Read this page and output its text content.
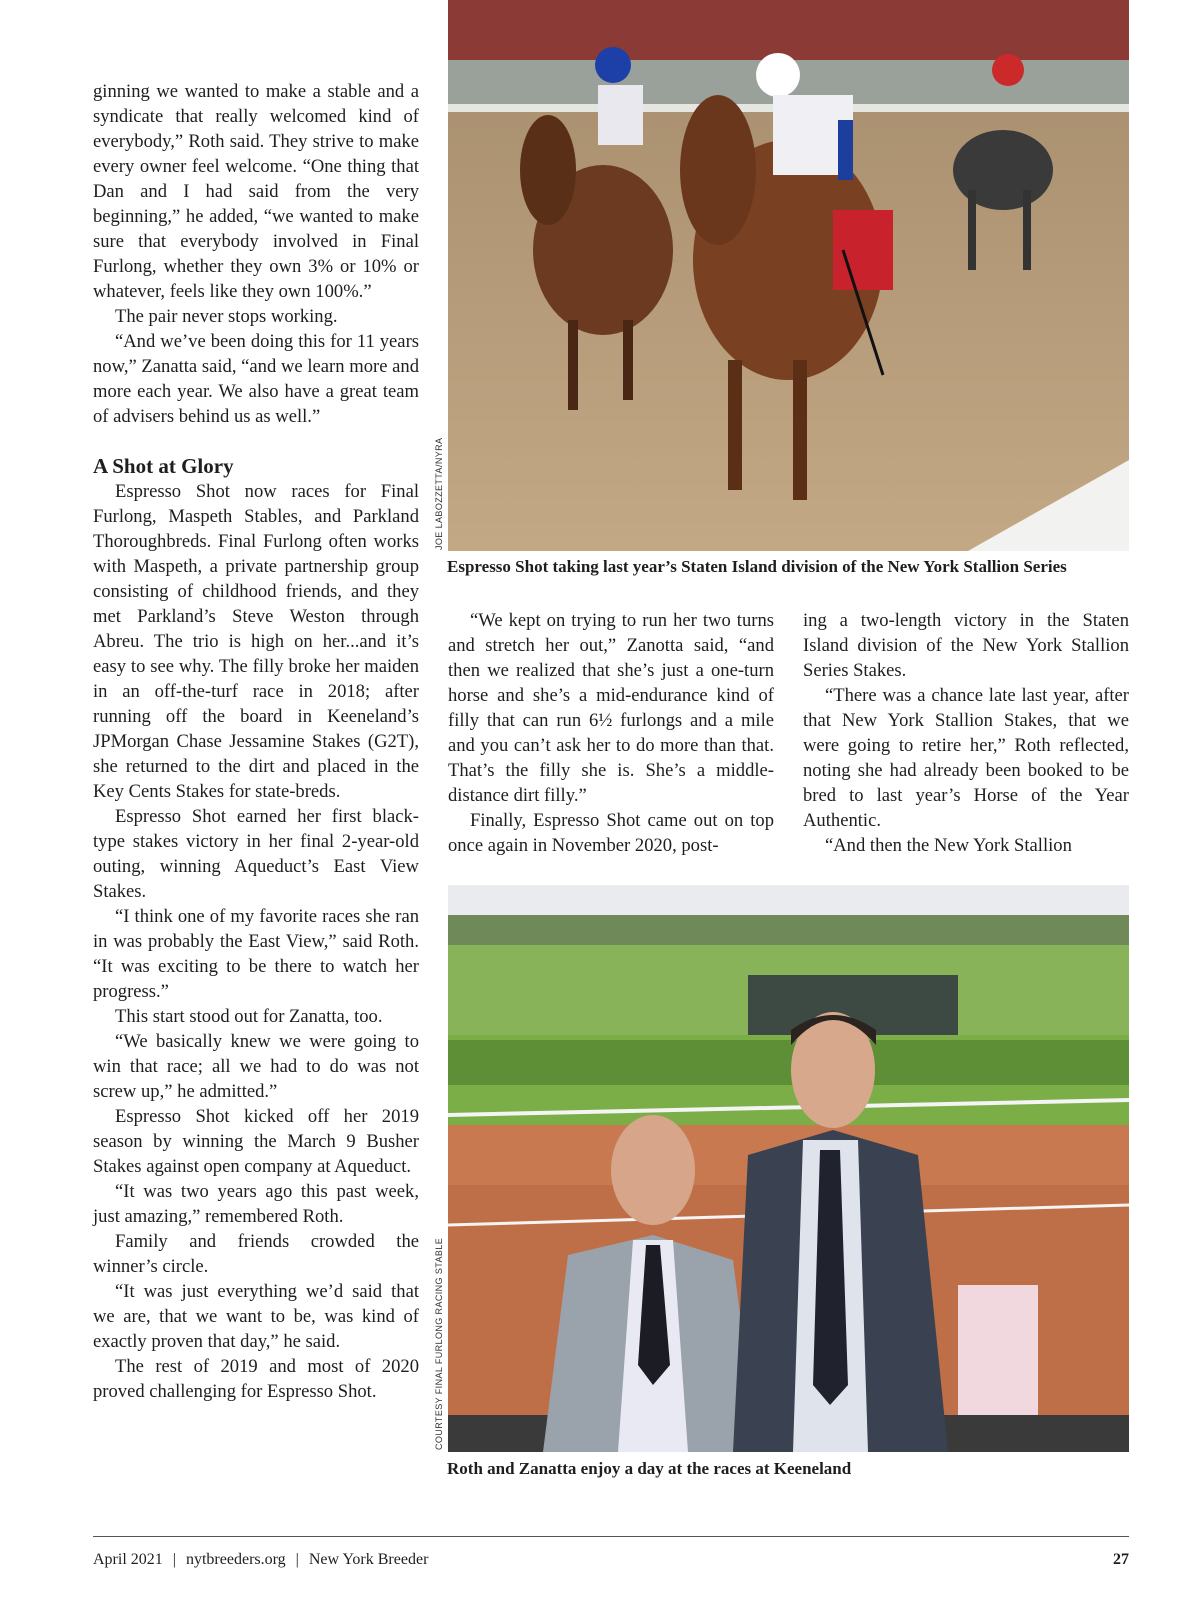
ginning we wanted to make a stable and a syndicate that really welcomed kind of everybody,” Roth said. They strive to make every owner feel welcome. “One thing that Dan and I had said from the very beginning,” he added, “we wanted to make sure that everybody involved in Final Furlong, whether they own 3% or 10% or whatever, feels like they own 100%.”

The pair never stops working.

“And we’ve been doing this for 11 years now,” Zanatta said, “and we learn more and more each year. We also have a great team of advisers behind us as well.”

A Shot at Glory

Espresso Shot now races for Final Furlong, Maspeth Stables, and Parkland Thoroughbreds. Final Furlong often works with Maspeth, a private partnership group consisting of childhood friends, and they met Parkland’s Steve Weston through Abreu. The trio is high on her...and it’s easy to see why. The filly broke her maiden in an off-the-turf race in 2018; after running off the board in Keeneland’s JPMorgan Chase Jessamine Stakes (G2T), she returned to the dirt and placed in the Key Cents Stakes for state-breds.

Espresso Shot earned her first black-type stakes victory in her final 2-year-old outing, winning Aqueduct’s East View Stakes.

“I think one of my favorite races she ran in was probably the East View,” said Roth. “It was exciting to be there to watch her progress.”

This start stood out for Zanatta, too.

“We basically knew we were going to win that race; all we had to do was not screw up,” he admitted.”

Espresso Shot kicked off her 2019 season by winning the March 9 Busher Stakes against open company at Aqueduct.

“It was two years ago this past week, just amazing,” remembered Roth.

Family and friends crowded the winner’s circle.

“It was just everything we’d said that we are, that we want to be, was kind of exactly proven that day,” he said.

The rest of 2019 and most of 2020 proved challenging for Espresso Shot.

JOE LABOZZETTA/NYRA
Espresso Shot taking last year’s Staten Island division of the New York Stallion Series

“We kept on trying to run her two turns and stretch her out,” Zanotta said, “and then we realized that she’s just a one-turn horse and she’s a mid-endurance kind of filly that can run 6½ furlongs and a mile and you can’t ask her to do more than that. That’s the filly she is. She’s a middle-distance dirt filly.”

Finally, Espresso Shot came out on top once again in November 2020, post-

ing a two-length victory in the Staten Island division of the New York Stallion Series Stakes.

“There was a chance late last year, after that New York Stallion Stakes, that we were going to retire her,” Roth reflected, noting she had already been booked to be bred to last year’s Horse of the Year Authentic.

“And then the New York Stallion

COURTESY FINAL FURLONG RACING STABLE
Roth and Zanatta enjoy a day at the races at Keeneland
April 2021 | nytbreeders.org | New York Breeder	27
